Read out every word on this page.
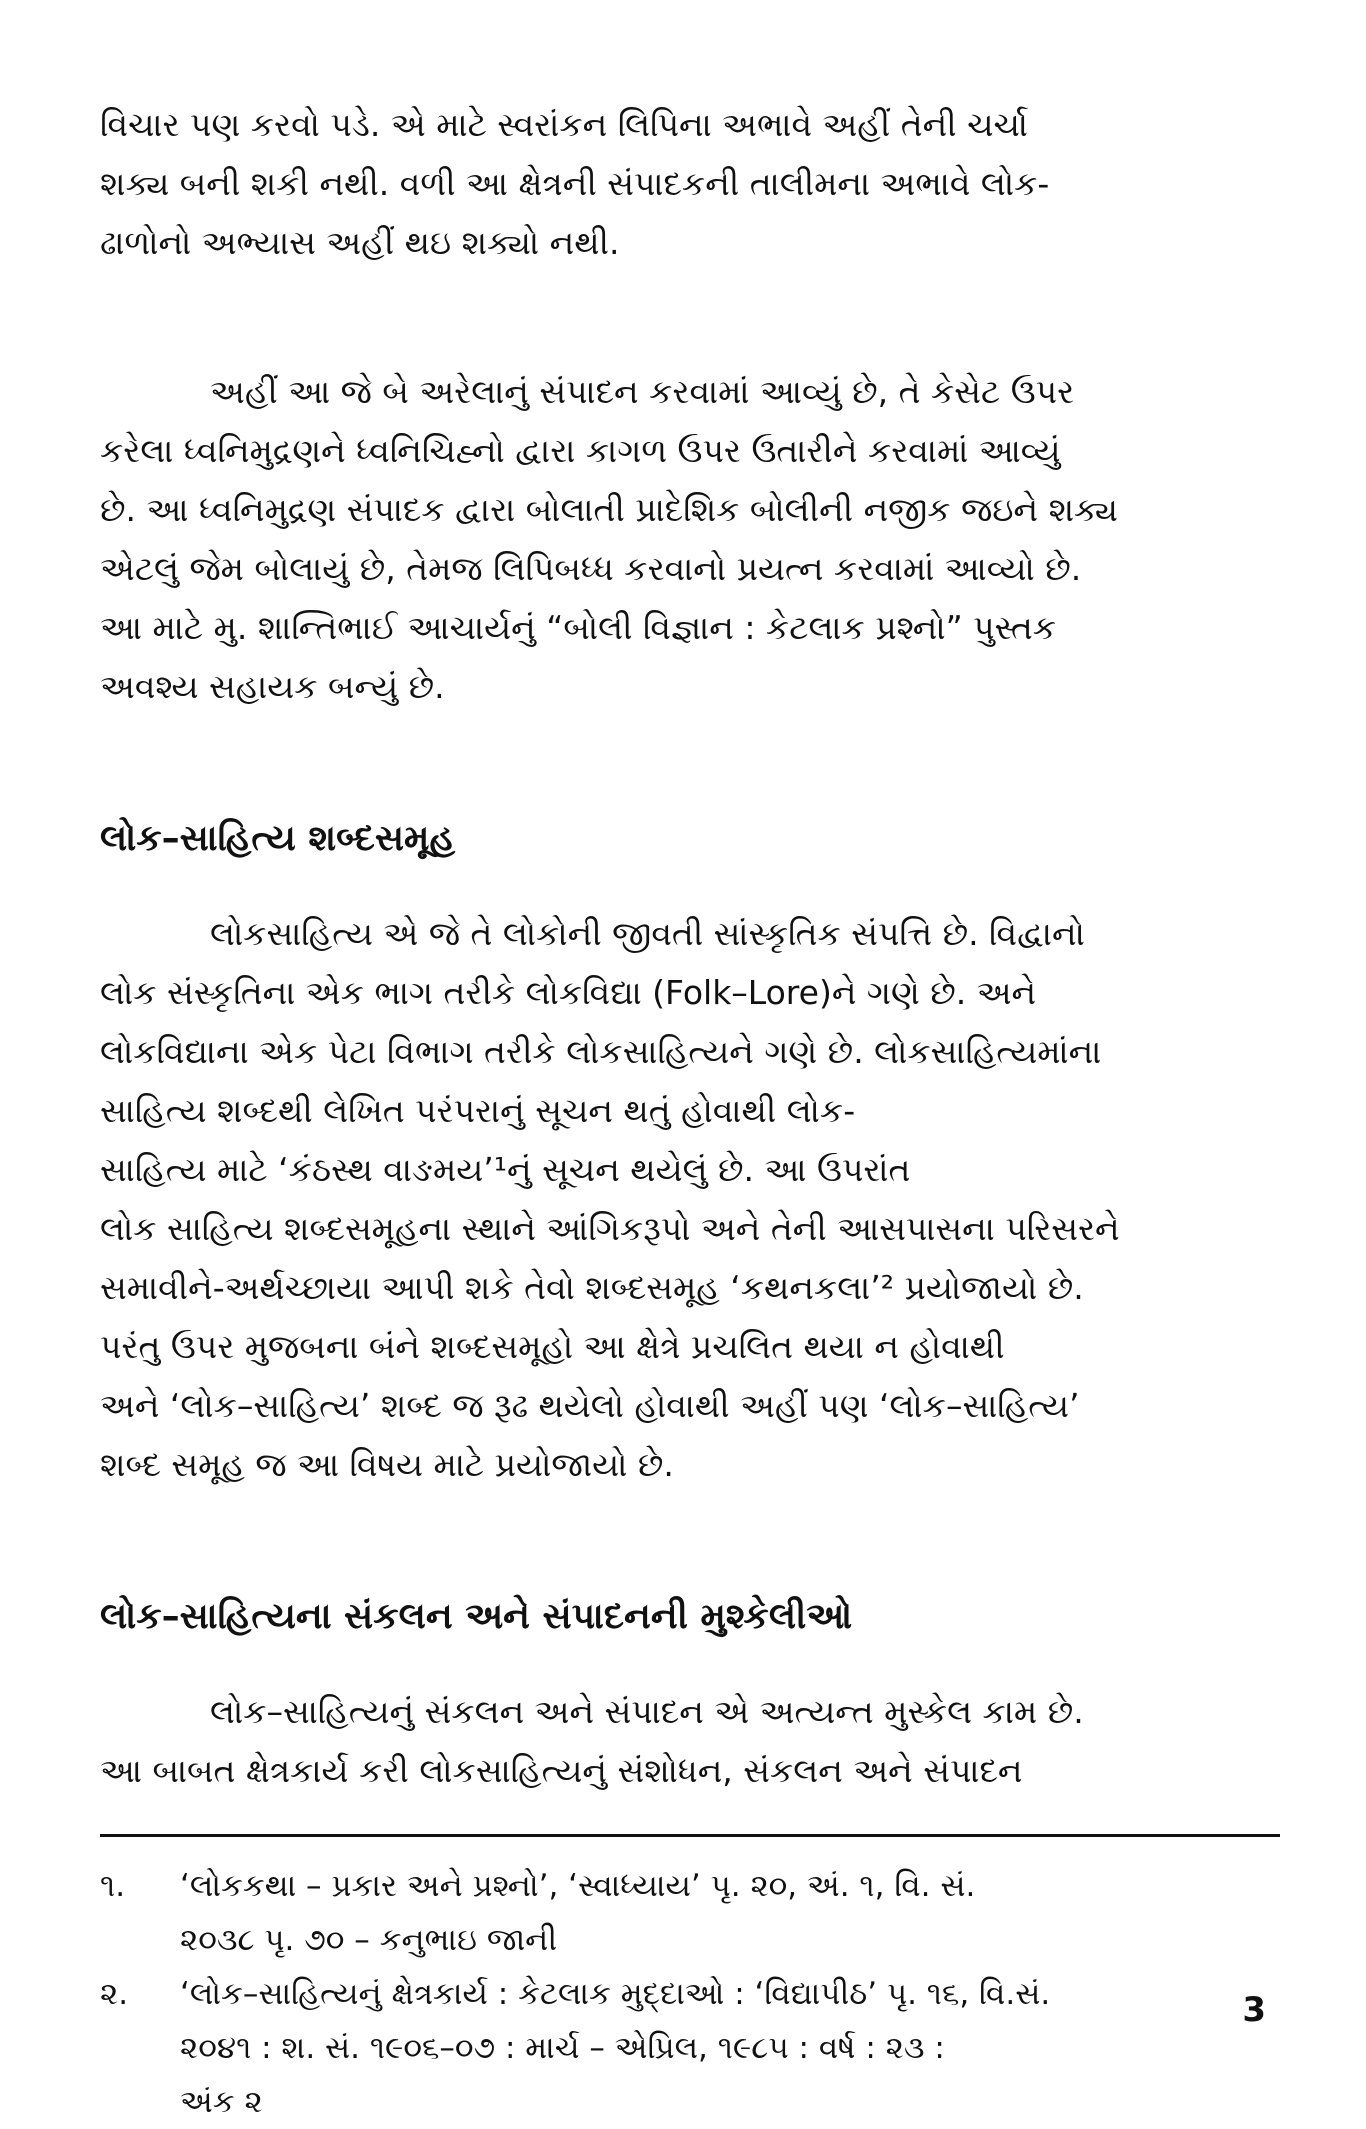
વિચાર પણ કરવો પડે. એ માટે સ્વરાંકન લિપિના અભાવે અહીં તેની ચર્ચા
શક્ય બની શકી નથી. વળી આ ક્ષેત્રની સંપાદકની તાલીમના અભાવે લોક-
ઢાળોનો અભ્યાસ અહીં થઇ શક્યો નથી.
અહીં આ જે બે અરેલાનું સંપાદન કરવામાં આવ્યું છે, તે કેસેટ ઉપર
કરેલા ધ્વનિમુદ્રણને ધ્વનિચિહ્નો દ્વારા કાગળ ઉપર ઉતારીને કરવામાં આવ્યું
છે. આ ધ્વનિમુદ્રણ સંપાદક દ્વારા બોલાતી પ્રાદેશિક બોલીની નજીક જઇને શક્ય
એટલું જેમ બોલાયું છે, તેમજ લિપિબધ્ધ કરવાનો પ્રયત્ન કરવામાં આવ્યો છે.
આ માટે મુ. શાન્તિભાઈ આચાર્યનું “બોલી વિજ્ઞાન : કેટલાક પ્રશ્નો” પુસ્તક
અવશ્ય સહાયક બન્યું છે.
લોક–સાહિત્ય શબ્દસમૂહ
લોકસાહિત્ય એ જે તે લોકોની જીવતી સાંસ્કૃતિક સંપત્તિ છે. વિદ્વાનો
લોક સંસ્કૃતિના એક ભાગ તરીકે લોકવિદ્યા (Folk–Lore)ને ગણે છે. અને
લોકવિદ્યાના એક પેટા વિભાગ તરીકે લોકસાહિત્યને ગણે છે. લોકસાહિત્યમાંના
સાહિત્ય શબ્દથી લેખિત પરંપરાનું સૂચન થતું હોવાથી લોક-
સાહિત્ય માટે ‘કંઠસ્થ વાઙમય’¹નું સૂચન થયેલું છે. આ ઉપરાંત
લોક સાહિત્ય શબ્દસમૂહના સ્થાને આંગિકરૂપો અને તેની આસપાસના પરિસરને
સમાવીને-અર્થચ્છાયા આપી શકે તેવો શબ્દસમૂહ ‘કથનકલા’² પ્રયોજાયો છે.
પરંતુ ઉપર મુજબના બંને શબ્દસમૂહો આ ક્ષેત્રે પ્રચલિત થયા ન હોવાથી
અને ‘લોક–સાહિત્ય’ શબ્દ જ રૂઢ થયેલો હોવાથી અહીં પણ ‘લોક–સાહિત્ય’
શબ્દ સમૂહ જ આ વિષય માટે પ્રયોજાયો છે.
લોક–સાહિત્યના સંકલન અને સંપાદનની મુશ્કેલીઓ
લોક–સાહિત્યનું સંકલન અને સંપાદન એ અત્યન્ત મુસ્કેલ કામ છે.
આ બાબત ક્ષેત્રકાર્ય કરી લોકસાહિત્યનું સંશોધન, સંકલન અને સંપાદન
૧.	‘લોકકથા – પ્રકાર અને પ્રશ્નો’, ‘સ્વાધ્યાય’ પૃ. ૨૦, અં. ૧, વિ. સં.
૨૦૩૮ પૃ. ૭૦ – કનુભાઇ જાની
૨.	‘લોક–સાહિત્યનું ક્ષેત્રકાર્ય : કેટલાક મુદ્દાઓ : ‘વિદ્યાપીઠ’ પૃ. ૧૬, વિ.સં.
૨૦૪૧ : શ. સં. ૧૯૦૬–૦૭ : માર્ચ – એપ્રિલ, ૧૯૮૫ : વર્ષ : ૨૩ :
અંક ૨
3
